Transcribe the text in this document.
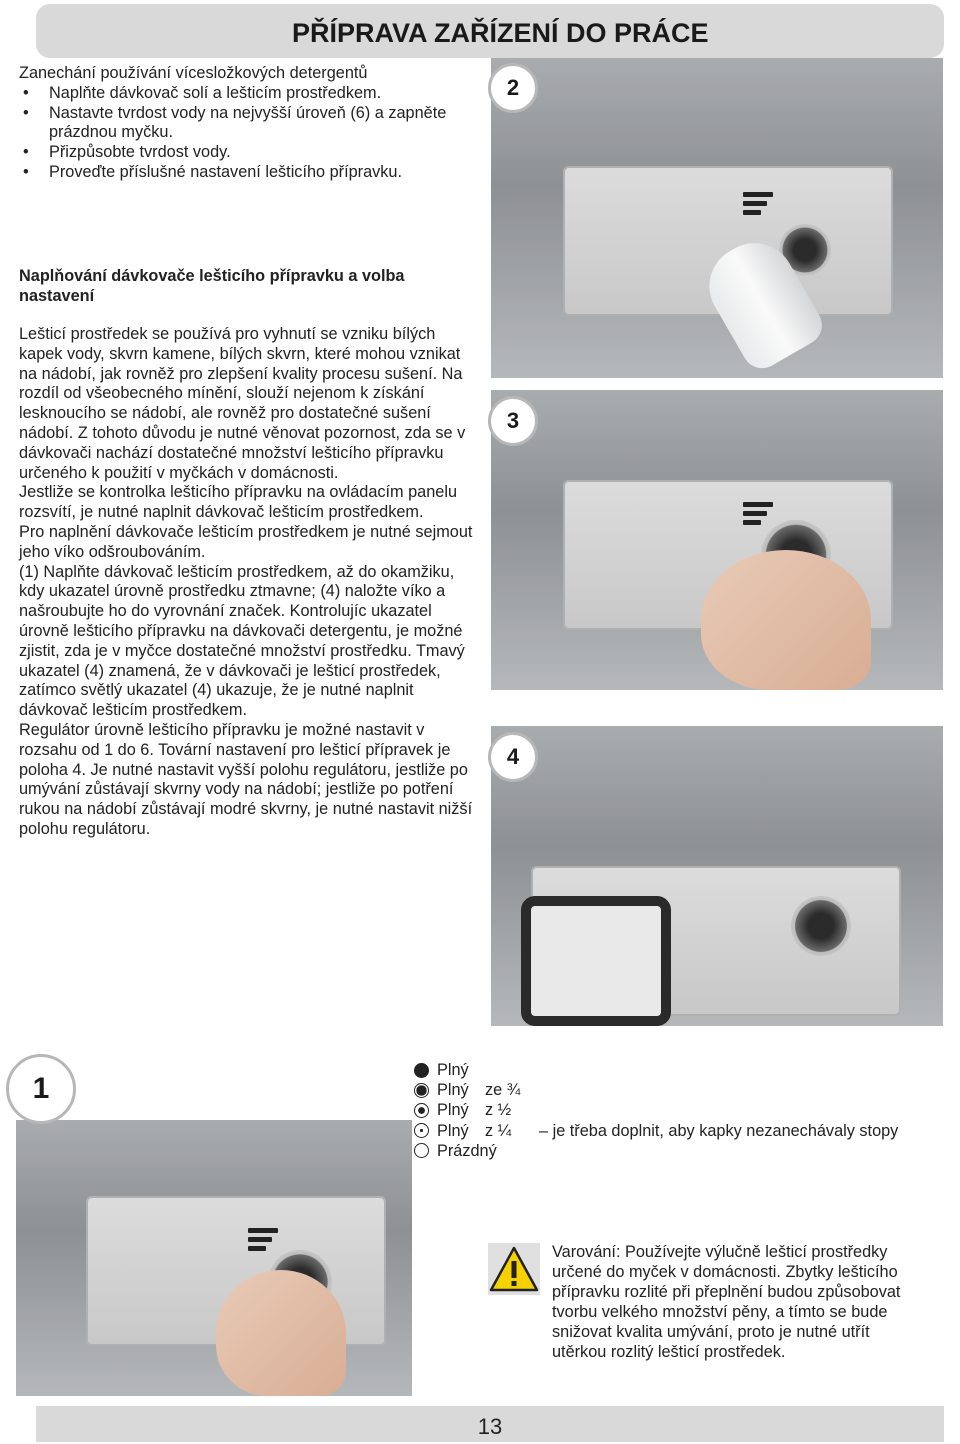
PŘÍPRAVA ZAŘÍZENÍ DO PRÁCE
Zanechání používání vícesložkových detergentů
• Naplňte dávkovač solí a lešticím prostředkem.
• Nastavte tvrdost vody na nejvyšší úroveň (6) a zapněte prázdnou myčku.
• Přizpůsobte tvrdost vody.
• Proveďte příslušné nastavení lešticího přípravku.
Naplňování dávkovače lešticího přípravku a volba nastavení

Lešticí prostředek se používá pro vyhnutí se vzniku bílých kapek vody, skvrn kamene, bílých skvrn, které mohou vznikat na nádobí, jak rovněž pro zlepšení kvality procesu sušení. Na rozdíl od všeobecného mínění, slouží nejenom k získání lesknoucího se nádobí, ale rovněž pro dostatečné sušení nádobí. Z tohoto důvodu je nutné věnovat pozornost, zda se v dávkovači nachází dostatečné množství lešticího přípravku určeného k použití v myčkách v domácnosti.

Jestliže se kontrolka lešticího přípravku na ovládacím panelu rozsvítí, je nutné naplnit dávkovač lešticím prostředkem.

Pro naplnění dávkovače lešticím prostředkem je nutné sejmout jeho víko odšroubováním.

(1) Naplňte dávkovač lešticím prostředkem, až do okamžiku, kdy ukazatel úrovně prostředku ztmavne; (4) naložte víko a našroubujte ho do vyrovnání značek. Kontrolujíc ukazatel úrovně lešticího přípravku na dávkovači detergentu, je možné zjistit, zda je v myčce dostatečné množství prostředku. Tmavý ukazatel (4) znamená, že v dávkovači je lešticí prostředek, zatímco světlý ukazatel (4) ukazuje, že je nutné naplnit dávkovač lešticím prostředkem.

Regulátor úrovně lešticího přípravku je možné nastavit v rozsahu od 1 do 6. Tovární nastavení pro lešticí přípravek je poloha 4. Je nutné nastavit vyšší polohu regulátoru, jestliže po umývání zůstávají skvrny vody na nádobí; jestliže po potření rukou na nádobí zůstávají modré skvrny, je nutné nastavit nižší polohu regulátoru.

2
3
4
1
Plný
Plný	ze ¾
Plný	z ½
Plný	z ¼	– je třeba doplnit, aby kapky nezanechávaly stopy
Prázdný
Varování: Používejte výlučně lešticí prostředky určené do myček v domácnosti. Zbytky lešticího přípravku rozlité při přeplnění budou způsobovat tvorbu velkého množství pěny, a tímto se bude snižovat kvalita umývání, proto je nutné utřít utěrkou rozlitý lešticí prostředek.
13
